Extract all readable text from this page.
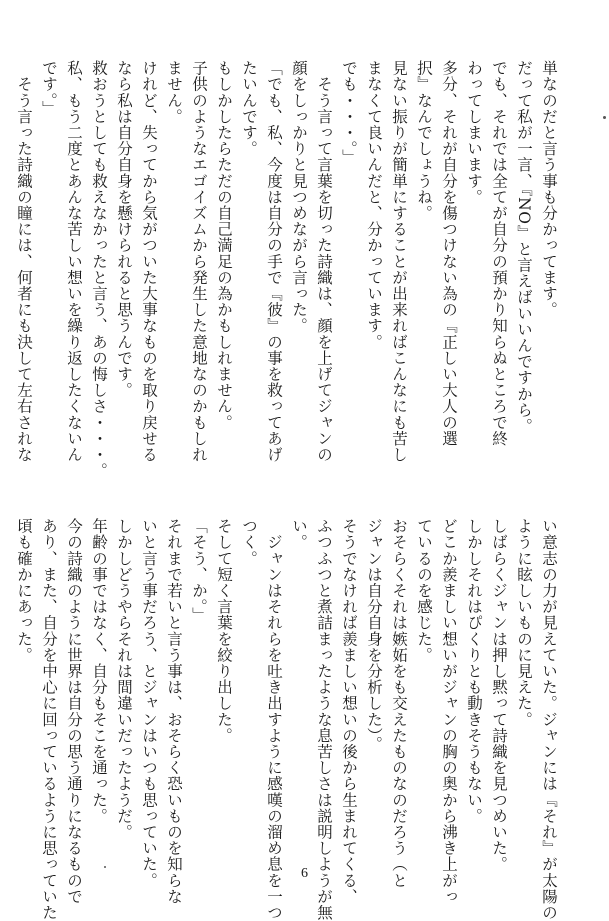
単なのだと言う事も分かってます。
だって私が一言、『NO』と言えばいいんですから。
でも、それでは全てが自分の預かり知らぬところで終
わってしまいます。
多分、それが自分を傷つけない為の『正しい大人の選
択』なんでしょうね。
見ない振りが簡単にすることが出来ればこんなにも苦し
まなくて良いんだと、分かっています。
でも・・・。」
　そう言って言葉を切った詩織は、顔を上げてジャンの
顔をしっかりと見つめながら言った。
「でも、私、今度は自分の手で『彼』の事を救ってあげ
たいんです。
もしかしたらただの自己満足の為かもしれません。
子供のようなエゴイズムから発生した意地なのかもしれ
ません。
けれど、失ってから気がついた大事なものを取り戻せる
なら私は自分自身を懸けられると思うんです。
救おうとしても救えなかったと言う、あの悔しさ・・・。
私、もう二度とあんな苦しい想いを繰り返したくないん
です。」
　そう言った詩織の瞳には、何者にも決して左右されな
い意志の力が見えていた。ジャンには『それ』が太陽の
ように眩しいものに見えた。
しばらくジャンは押し黙って詩織を見つめいた。
しかしそれはぴくりとも動きそうもない。
どこか羨ましい想いがジャンの胸の奥から沸き上がっ
ているのを感じた。
おそらくそれは嫉妬をも交えたものなのだろう（と
ジャンは自分自身を分析した）。
そうでなければ羨ましい想いの後から生まれてくる、
ふつふつと煮詰まったような息苦しさは説明しようが無
い。
　ジャンはそれらを吐き出すように感嘆の溜め息を一つ
つく。
そして短く言葉を絞り出した。
「そう、か。」
それまで若いと言う事は、おそらく恐いものを知らな
いと言う事だろう、とジャンはいつも思っていた。
しかしどうやらそれは間違いだったようだ。
年齢の事ではなく、自分もそこを通った。
今の詩織のように世界は自分の思う通りになるもので
あり、また、自分を中心に回っているように思っていた
頃も確かにあった。
6
